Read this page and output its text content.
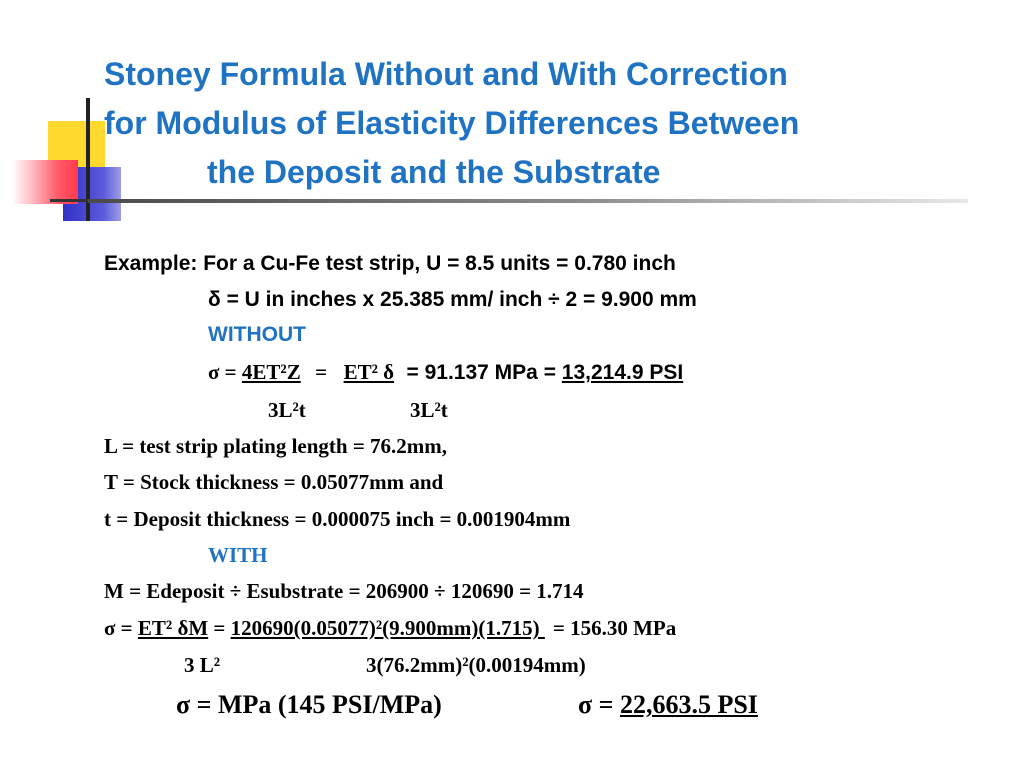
Stoney Formula Without and With Correction
for Modulus of Elasticity Differences Between
the Deposit and the Substrate
Example: For a Cu-Fe test strip, U = 8.5 units = 0.780 inch
δ = U in inches x 25.385 mm/ inch ÷ 2 = 9.900 mm
WITHOUT
σ = 4ET²Z = ET² δ = 91.137 MPa = 13,214.9 PSI
3L²t	3L²t
L = test strip plating length = 76.2mm,
T = Stock thickness = 0.05077mm and
t = Deposit thickness = 0.000075 inch = 0.001904mm
WITH
M = Edeposit ÷ Esubstrate = 206900 ÷ 120690 = 1.714
σ = ET² δM = 120690(0.05077)²(9.900mm)(1.715) = 156.30 MPa
3 L²	3(76.2mm)²(0.00194mm)
σ = MPa (145 PSI/MPa)	σ = 22,663.5 PSI
